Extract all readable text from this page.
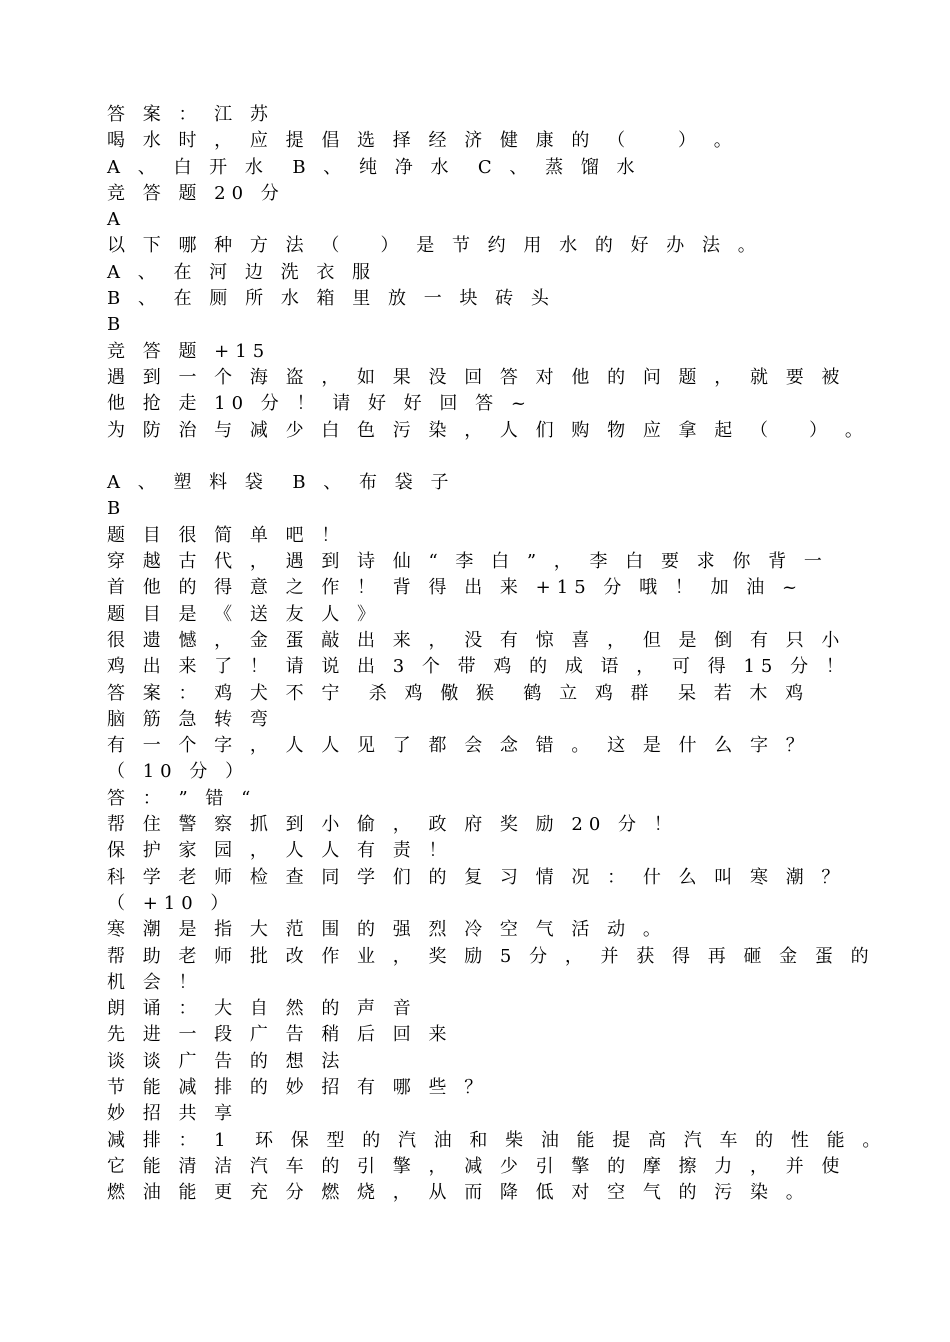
答 案 ： 江 苏
喝 水 时 ， 应 提 倡 选 择 经 济 健 康 的 （    ） 。
A 、 白 开 水  B 、 纯 净 水  C 、 蒸 馏 水
竞 答 题 20 分
A
以 下 哪 种 方 法 （   ） 是 节 约 用 水 的 好 办 法 。
A 、 在 河 边 洗 衣 服
B 、 在 厕 所 水 箱 里 放 一 块 砖 头
B
竞 答 题 +15
遇 到 一 个 海 盗 ， 如 果 没 回 答 对 他 的 问 题 ， 就 要 被
他 抢 走 10 分 ！ 请 好 好 回 答 ~
为 防 治 与 减 少 白 色 污 染 ， 人 们 购 物 应 拿 起 （   ） 。
A 、 塑 料 袋  B 、 布 袋 子
B
题 目 很 简 单 吧 ！
穿 越 古 代 ， 遇 到 诗 仙 “ 李 白 ” ， 李 白 要 求 你 背 一
首 他 的 得 意 之 作 ！ 背 得 出 来 +15 分 哦 ！ 加 油 ~
题 目 是 《 送 友 人 》
很 遗 憾 ， 金 蛋 敲 出 来 ， 没 有 惊 喜 ， 但 是 倒 有 只 小
鸡 出 来 了 ！ 请 说 出 3 个 带 鸡 的 成 语 ， 可 得 15 分 ！
答 案 ： 鸡 犬 不 宁  杀 鸡 儆 猴  鹤 立 鸡 群  呆 若 木 鸡
脑 筋 急 转 弯
有 一 个 字 ， 人 人 见 了 都 会 念 错 。 这 是 什 么 字 ？
（ 10 分 ）
答 ： ” 错 “
帮 住 警 察 抓 到 小 偷 ， 政 府 奖 励 20 分 ！
保 护 家 园 ， 人 人 有 责 ！
科 学 老 师 检 查 同 学 们 的 复 习 情 况 ： 什 么 叫 寒 潮 ？
（ +10 ）
寒 潮 是 指 大 范 围 的 强 烈 冷 空 气 活 动 。
帮 助 老 师 批 改 作 业 ， 奖 励 5 分 ， 并 获 得 再 砸 金 蛋 的
机 会 ！
朗 诵 ： 大 自 然 的 声 音
先 进 一 段 广 告 稍 后 回 来
谈 谈 广 告 的 想 法
节 能 减 排 的 妙 招 有 哪 些 ？
妙 招 共 享
减 排 ： 1  环 保 型 的 汽 油 和 柴 油 能 提 高 汽 车 的 性 能 。
它 能 清 洁 汽 车 的 引 擎 ， 减 少 引 擎 的 摩 擦 力 ， 并 使
燃 油 能 更 充 分 燃 烧 ， 从 而 降 低 对 空 气 的 污 染 。
